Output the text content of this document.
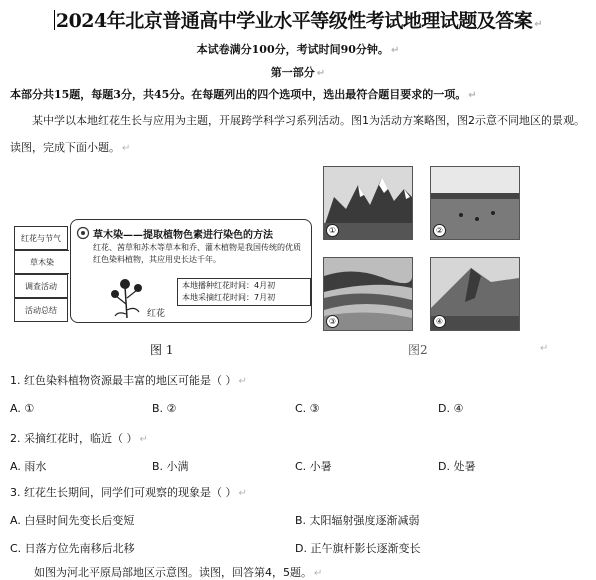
2024年北京普通高中学业水平等级性考试地理试题及答案 ↵
本试卷满分100分，考试时间90分钟。 ↵
第一部分 ↵
本部分共15题，每题3分，共45分。在每题列出的四个选项中，选出最符合题目要求的一项。 ↵
某中学以本地红花生长与应用为主题，开展跨学科学习系列活动。图1为活动方案略图，图2示意不同地区的景观。读图，完成下面小题。 ↵
红花与节气
草木染
调查活动
活动总结
草木染——提取植物色素进行染色的方法
红花、茜草和苏木等草本和乔、灌木植物是我国传统的优质红色染料植物，其应用史长达千年。
红花
本地播种红花时间：4月初
本地采摘红花时间：7月初
图 1
①	②
③	④
图2	↵
1. 红色染料植物资源最丰富的地区可能是（ ） ↵
A. ①	B. ②	C. ③	D. ④
2. 采摘红花时，临近（ ） ↵
A. 雨水	B. 小满	C. 小暑	D. 处暑
3. 红花生长期间，同学们可观察的现象是（ ） ↵
A. 白昼时间先变长后变短	B. 太阳辐射强度逐渐减弱
C. 日落方位先南移后北移	D. 正午旗杆影长逐渐变长
如图为河北平原局部地区示意图。读图，回答第4，5题。 ↵
